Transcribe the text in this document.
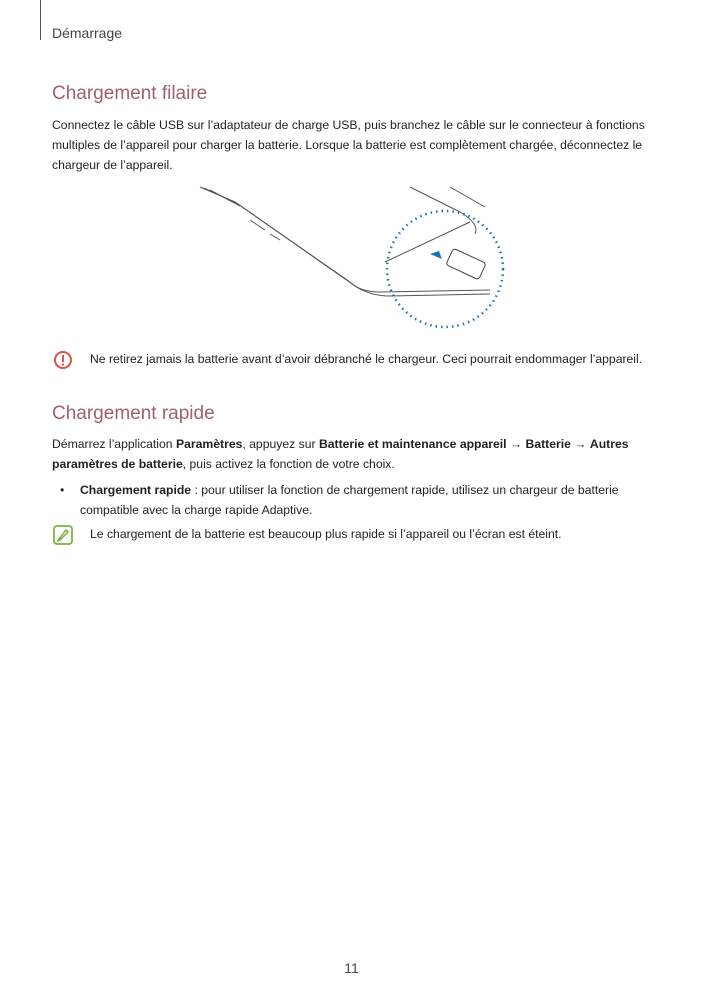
Démarrage
Chargement filaire

Connectez le câble USB sur l’adaptateur de charge USB, puis branchez le câble sur le connecteur à fonctions multiples de l’appareil pour charger la batterie. Lorsque la batterie est complètement chargée, déconnectez le chargeur de l’appareil.

Ne retirez jamais la batterie avant d’avoir débranché le chargeur. Ceci pourrait endommager l’appareil.
Chargement rapide

Démarrez l’application Paramètres, appuyez sur Batterie et maintenance appareil → Batterie → Autres paramètres de batterie, puis activez la fonction de votre choix.

• Chargement rapide : pour utiliser la fonction de chargement rapide, utilisez un chargeur de batterie compatible avec la charge rapide Adaptive.
Le chargement de la batterie est beaucoup plus rapide si l’appareil ou l’écran est éteint.
11
